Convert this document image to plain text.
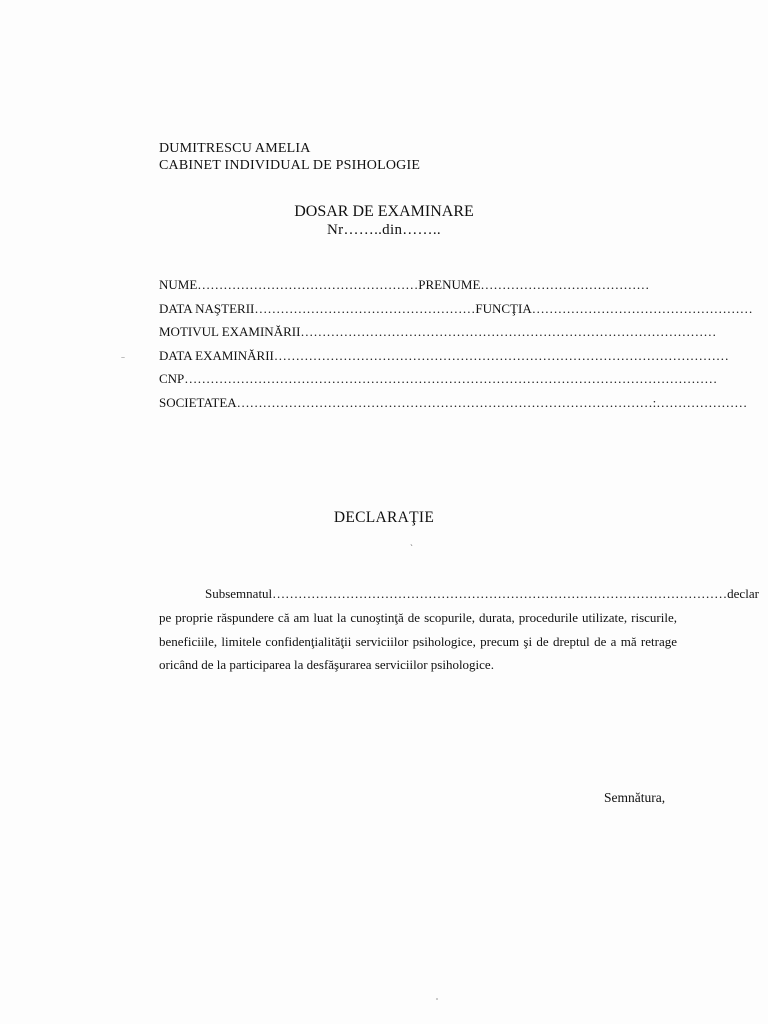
DUMITRESCU AMELIA
CABINET INDIVIDUAL DE PSIHOLOGIE
DOSAR DE EXAMINARE
Nr……..din……..
NUME……………………………………………PRENUME…………………………………
DATA NAŞTERII……………………………………………FUNCŢIA……………………………………………
MOTIVUL EXAMINĂRII……………………………………………………………………………………
DATA EXAMINĂRII……………………………………………………………………………………………
CNP……………………………………………………………………………………………………………
SOCIETATEA……………………………………………………………………………………:…………………
DECLARAŢIE
ˏ
Subsemnatul……………………………………………………………………………………………declar
pe proprie răspundere că am luat la cunoştinţă de scopurile, durata, procedurile utilizate, riscurile, beneficiile, limitele confidenţialităţii serviciilor psihologice, precum şi de dreptul de a mă retrage oricând de la participarea la desfăşurarea serviciilor psihologice.
Semnătura,
